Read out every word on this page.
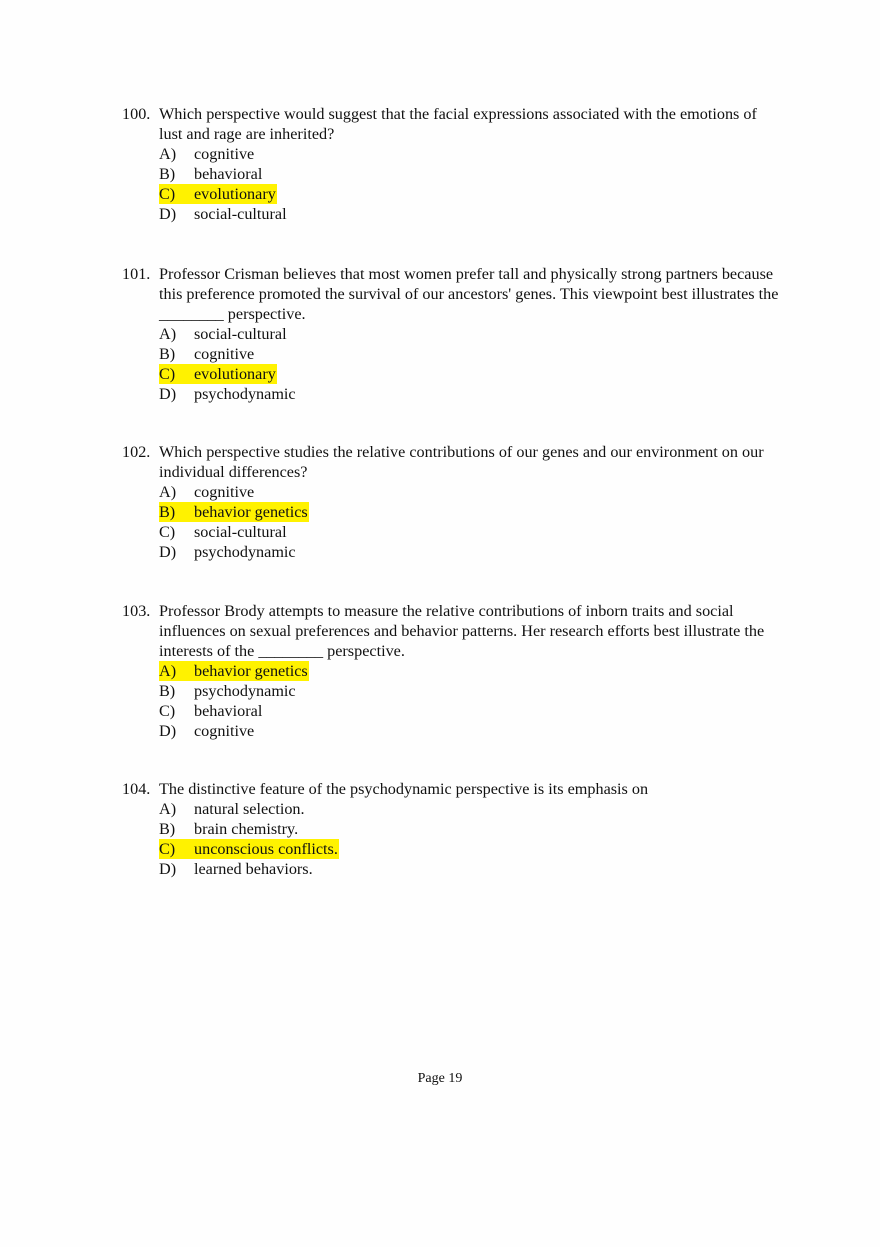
100. Which perspective would suggest that the facial expressions associated with the emotions of lust and rage are inherited?
A)	cognitive
B)	behavioral
C)	evolutionary
D)	social-cultural
101. Professor Crisman believes that most women prefer tall and physically strong partners because this preference promoted the survival of our ancestors' genes. This viewpoint best illustrates the ________ perspective.
A)	social-cultural
B)	cognitive
C)	evolutionary
D)	psychodynamic
102. Which perspective studies the relative contributions of our genes and our environment on our individual differences?
A)	cognitive
B)	behavior genetics
C)	social-cultural
D)	psychodynamic
103. Professor Brody attempts to measure the relative contributions of inborn traits and social influences on sexual preferences and behavior patterns. Her research efforts best illustrate the interests of the ________ perspective.
A)	behavior genetics
B)	psychodynamic
C)	behavioral
D)	cognitive
104. The distinctive feature of the psychodynamic perspective is its emphasis on
A)	natural selection.
B)	brain chemistry.
C)	unconscious conflicts.
D)	learned behaviors.
Page 19
